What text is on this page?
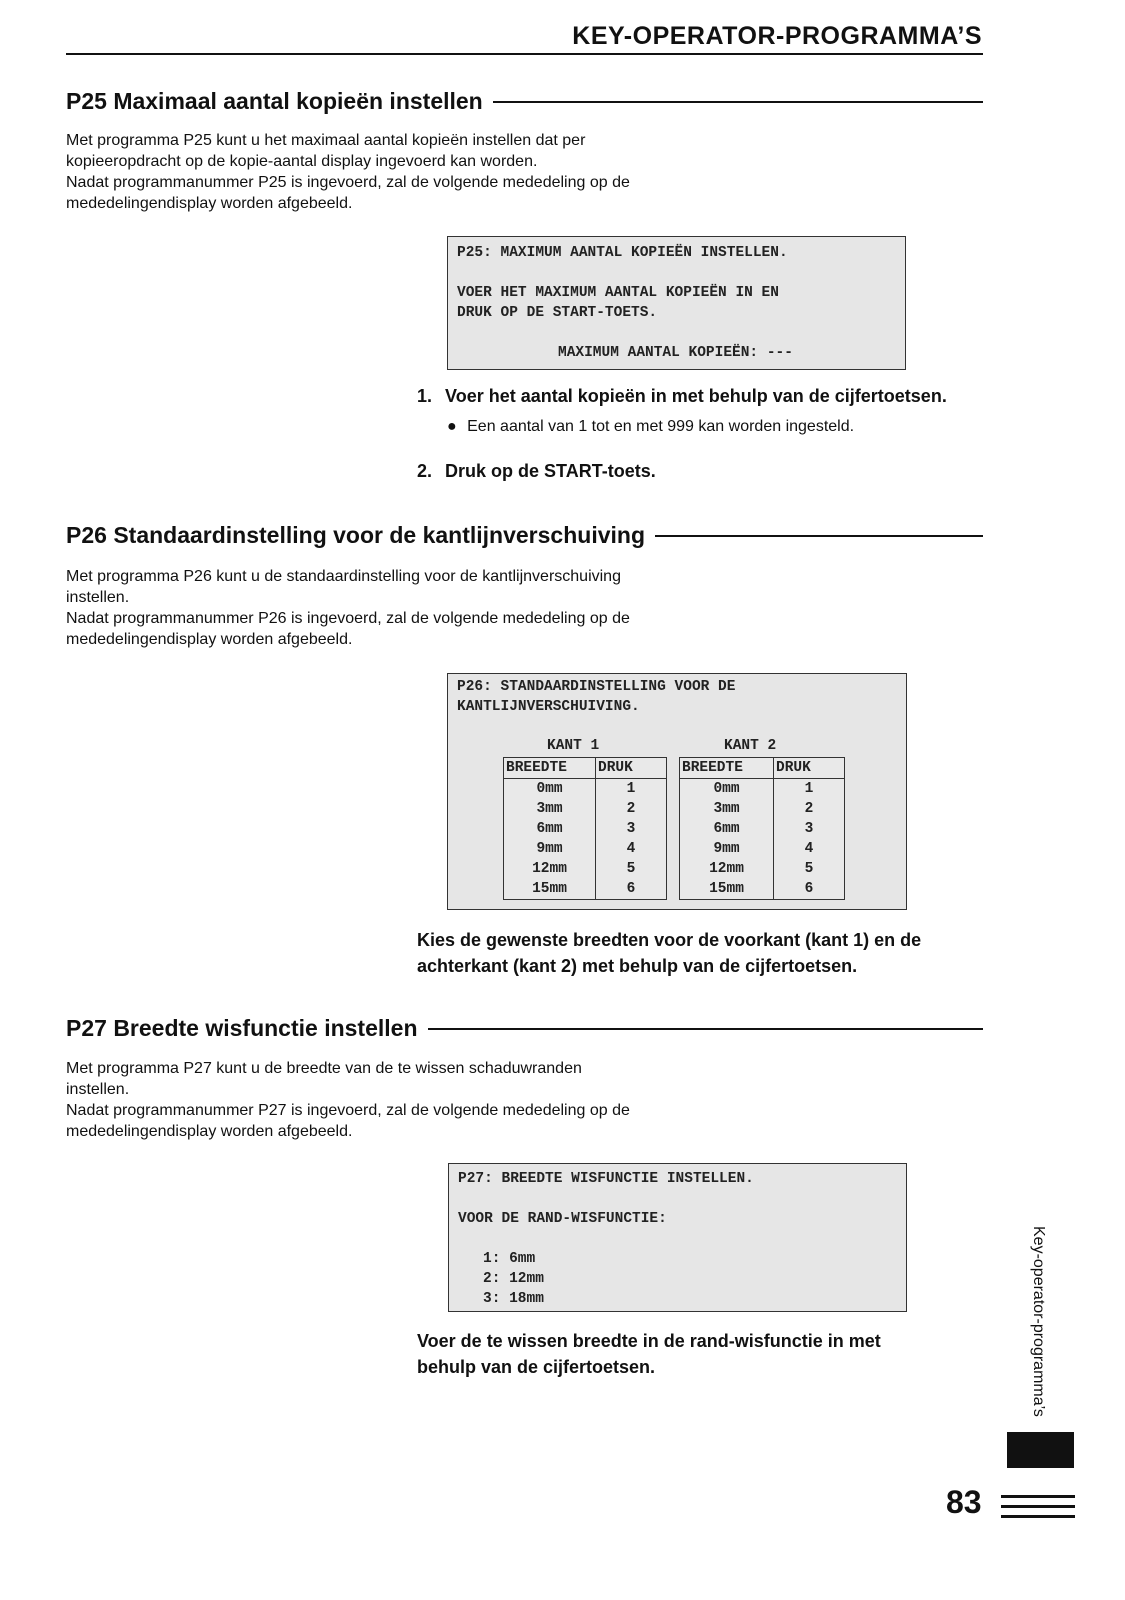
KEY-OPERATOR-PROGRAMMA’S
P25 Maximaal aantal kopieën instellen

Met programma P25 kunt u het maximaal aantal kopieën instellen dat per

kopieeropdracht op de kopie-aantal display ingevoerd kan worden.

Nadat programmanummer P25 is ingevoerd, zal de volgende mededeling op de

mededelingendisplay worden afgebeeld.

P25: MAXIMUM AANTAL KOPIEËN INSTELLEN.
VOER HET MAXIMUM AANTAL KOPIEËN IN EN
DRUK OP DE START-TOETS.
MAXIMUM AANTAL KOPIEËN: ---
1. Voer het aantal kopieën in met behulp van de cijfertoetsen.
● Een aantal van 1 tot en met 999 kan worden ingesteld.
2. Druk op de START-toets.
P26 Standaardinstelling voor de kantlijnverschuiving

Met programma P26 kunt u de standaardinstelling voor de kantlijnverschuiving

instellen.

Nadat programmanummer P26 is ingevoerd, zal de volgende mededeling op de

mededelingendisplay worden afgebeeld.

P26: STANDAARDINSTELLING VOOR DE
KANTLIJNVERSCHUIVING.
KANT 1	KANT 2
BREEDTE	DRUK
0mm	1
3mm	2
6mm	3
9mm	4
12mm	5
15mm	6
BREEDTE	DRUK
0mm	1
3mm	2
6mm	3
9mm	4
12mm	5
15mm	6
Kies de gewenste breedten voor de voorkant (kant 1) en de
achterkant (kant 2) met behulp van de cijfertoetsen.
P27 Breedte wisfunctie instellen

Met programma P27 kunt u de breedte van de te wissen schaduwranden

instellen.

Nadat programmanummer P27 is ingevoerd, zal de volgende mededeling op de

mededelingendisplay worden afgebeeld.

P27: BREEDTE WISFUNCTIE INSTELLEN.
VOOR DE RAND-WISFUNCTIE:
1: 6mm
2: 12mm
3: 18mm
Voer de te wissen breedte in de rand-wisfunctie in met
behulp van de cijfertoetsen.	Key-operator-programma’s
83
